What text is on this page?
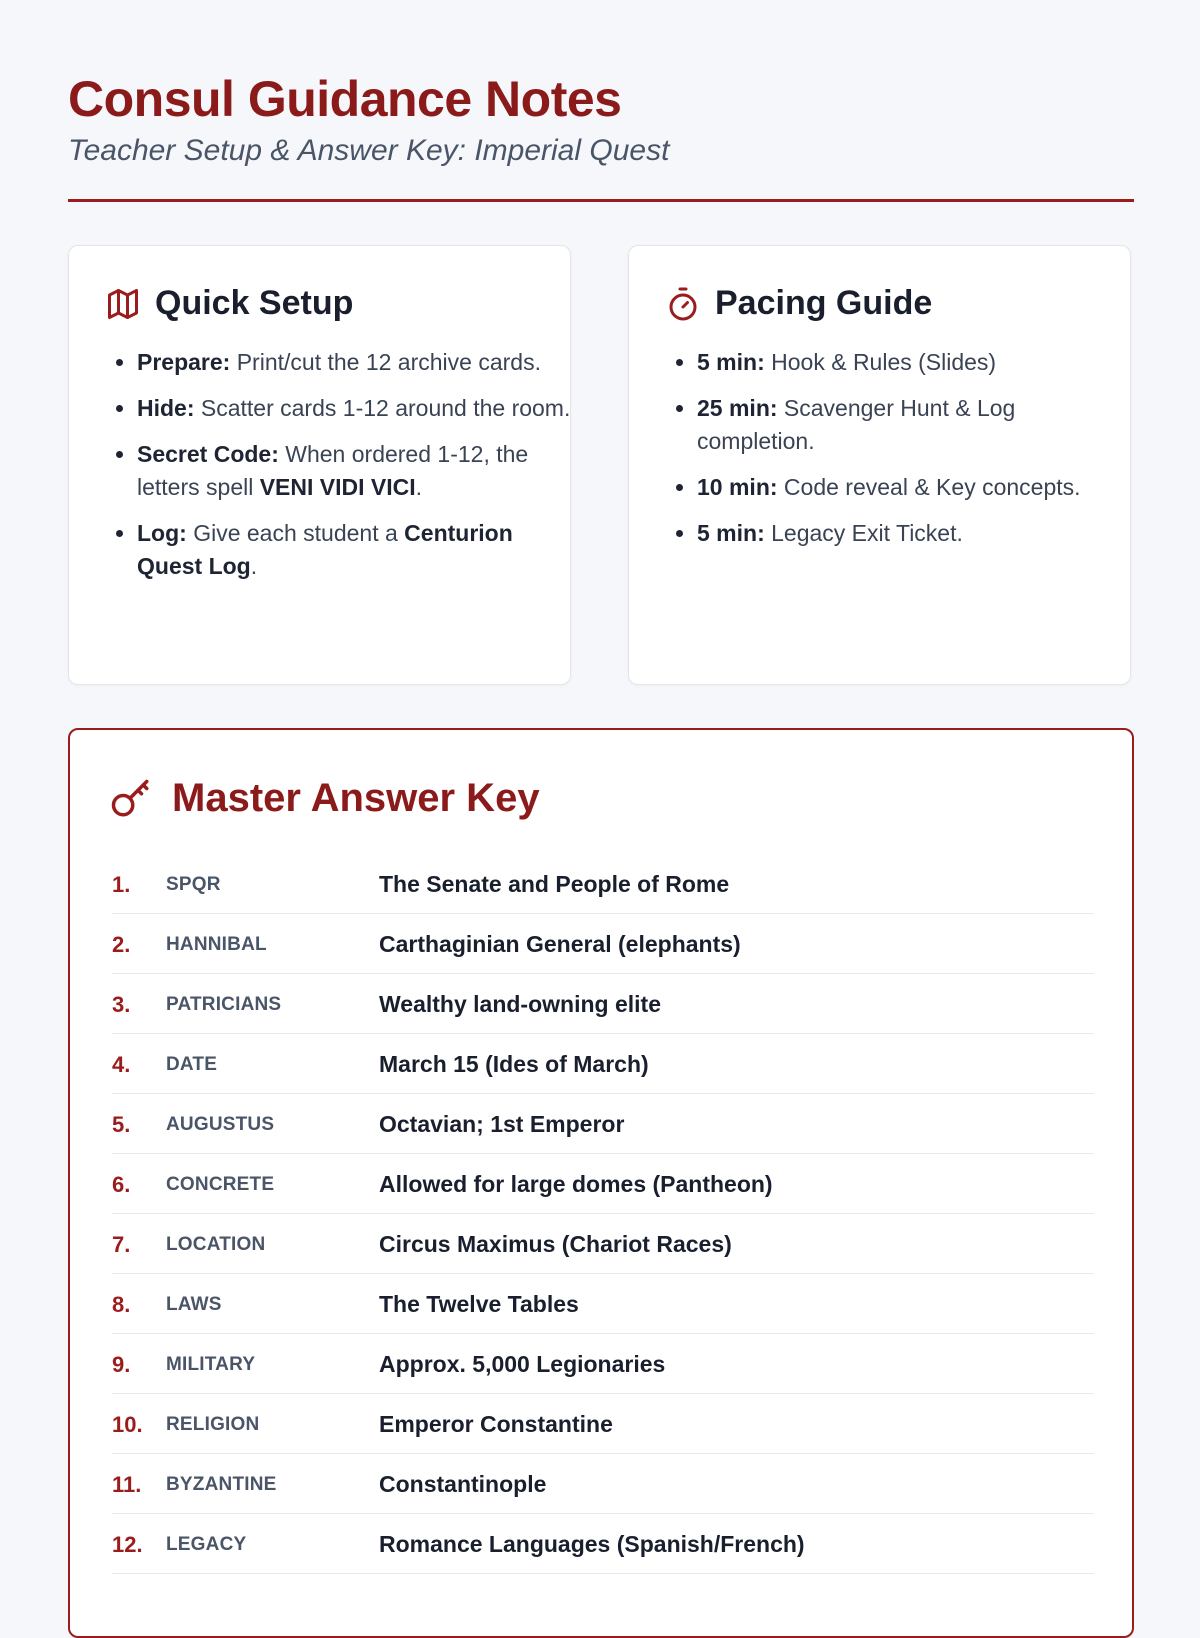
Consul Guidance Notes
Teacher Setup & Answer Key: Imperial Quest
Quick Setup
• Prepare: Print/cut the 12 archive cards.
• Hide: Scatter cards 1-12 around the room.
• Secret Code: When ordered 1-12, the letters spell VENI VIDI VICI.
• Log: Give each student a Centurion Quest Log.
Pacing Guide
• 5 min: Hook & Rules (Slides)
• 25 min: Scavenger Hunt & Log completion.
• 10 min: Code reveal & Key concepts.
• 5 min: Legacy Exit Ticket.
Master Answer Key
1.	SPQR	The Senate and People of Rome
2.	HANNIBAL	Carthaginian General (elephants)
3.	PATRICIANS	Wealthy land-owning elite
4.	DATE	March 15 (Ides of March)
5.	AUGUSTUS	Octavian; 1st Emperor
6.	CONCRETE	Allowed for large domes (Pantheon)
7.	LOCATION	Circus Maximus (Chariot Races)
8.	LAWS	The Twelve Tables
9.	MILITARY	Approx. 5,000 Legionaries
10.	RELIGION	Emperor Constantine
11.	BYZANTINE	Constantinople
12.	LEGACY	Romance Languages (Spanish/French)
